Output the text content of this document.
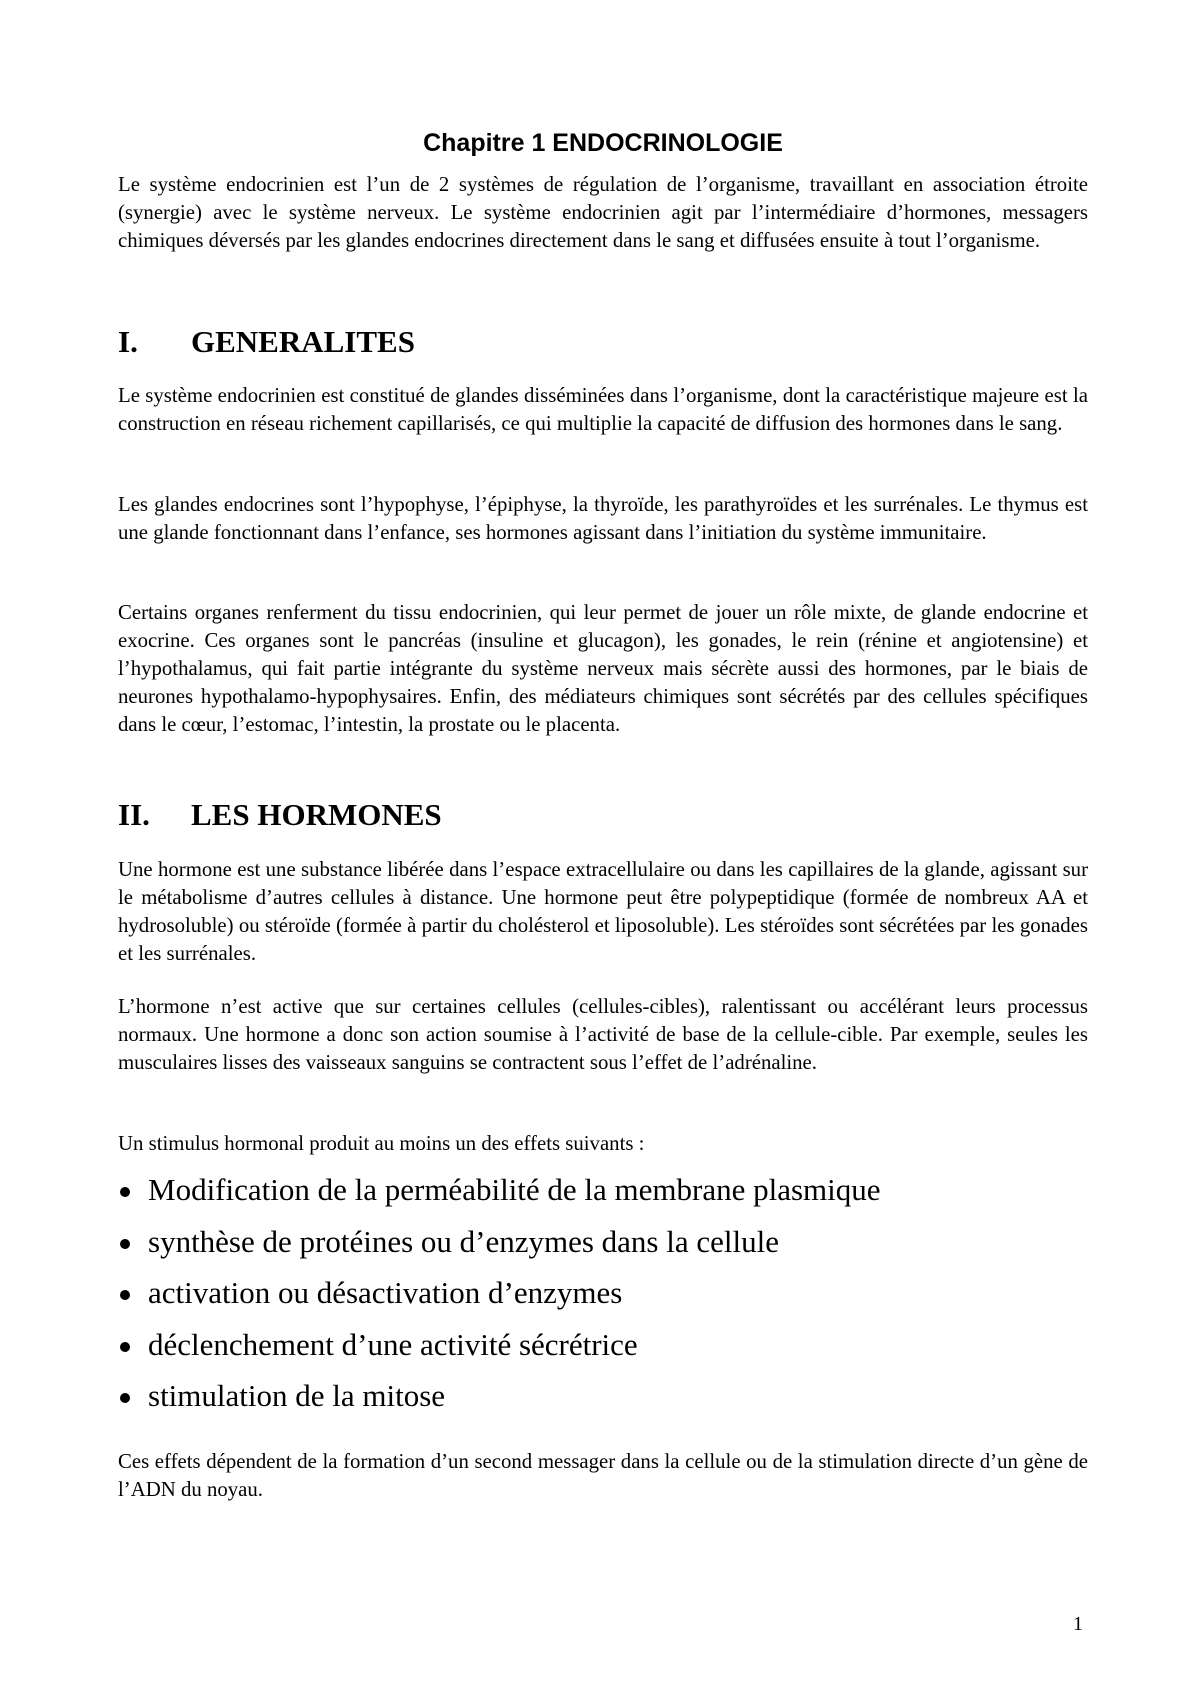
Chapitre 1 ENDOCRINOLOGIE

Le système endocrinien est l’un de 2 systèmes de régulation de l’organisme, travaillant en association étroite (synergie) avec le système nerveux. Le système endocrinien agit par l’intermédiaire d’hormones, messagers chimiques déversés par les glandes endocrines directement dans le sang et diffusées ensuite à tout l’organisme.

I. GENERALITES

Le système endocrinien est constitué de glandes disséminées dans l’organisme, dont la caractéristique majeure est la construction en réseau richement capillarisés, ce qui multiplie la capacité de diffusion des hormones dans le sang.

Les glandes endocrines sont l’hypophyse, l’épiphyse, la thyroïde, les parathyroïdes et les surrénales. Le thymus est une glande fonctionnant dans l’enfance, ses hormones agissant dans l’initiation du système immunitaire.

Certains organes renferment du tissu endocrinien, qui leur permet de jouer un rôle mixte, de glande endocrine et exocrine. Ces organes sont le pancréas (insuline et glucagon), les gonades, le rein (rénine et angiotensine) et l’hypothalamus, qui fait partie intégrante du système nerveux mais sécrète aussi des hormones, par le biais de neurones hypothalamo-hypophysaires. Enfin, des médiateurs chimiques sont sécrétés par des cellules spécifiques dans le cœur, l’estomac, l’intestin, la prostate ou le placenta.

II. LES HORMONES

Une hormone est une substance libérée dans l’espace extracellulaire ou dans les capillaires de la glande, agissant sur le métabolisme d’autres cellules à distance. Une hormone peut être polypeptidique (formée de nombreux AA et hydrosoluble) ou stéroïde (formée à partir du cholésterol et liposoluble). Les stéroïdes sont sécrétées par les gonades et les surrénales.

L’hormone n’est active que sur certaines cellules (cellules-cibles), ralentissant ou accélérant leurs processus normaux. Une hormone a donc son action soumise à l’activité de base de la cellule-cible. Par exemple, seules les musculaires lisses des vaisseaux sanguins se contractent sous l’effet de l’adrénaline.

Un stimulus hormonal produit au moins un des effets suivants :

Modification de la perméabilité de la membrane plasmique
synthèse de protéines ou d’enzymes dans la cellule
activation ou désactivation d’enzymes
déclenchement d’une activité sécrétrice
stimulation de la mitose

Ces effets dépendent de la formation d’un second messager dans la cellule ou de la stimulation directe d’un gène de l’ADN du noyau.

1
